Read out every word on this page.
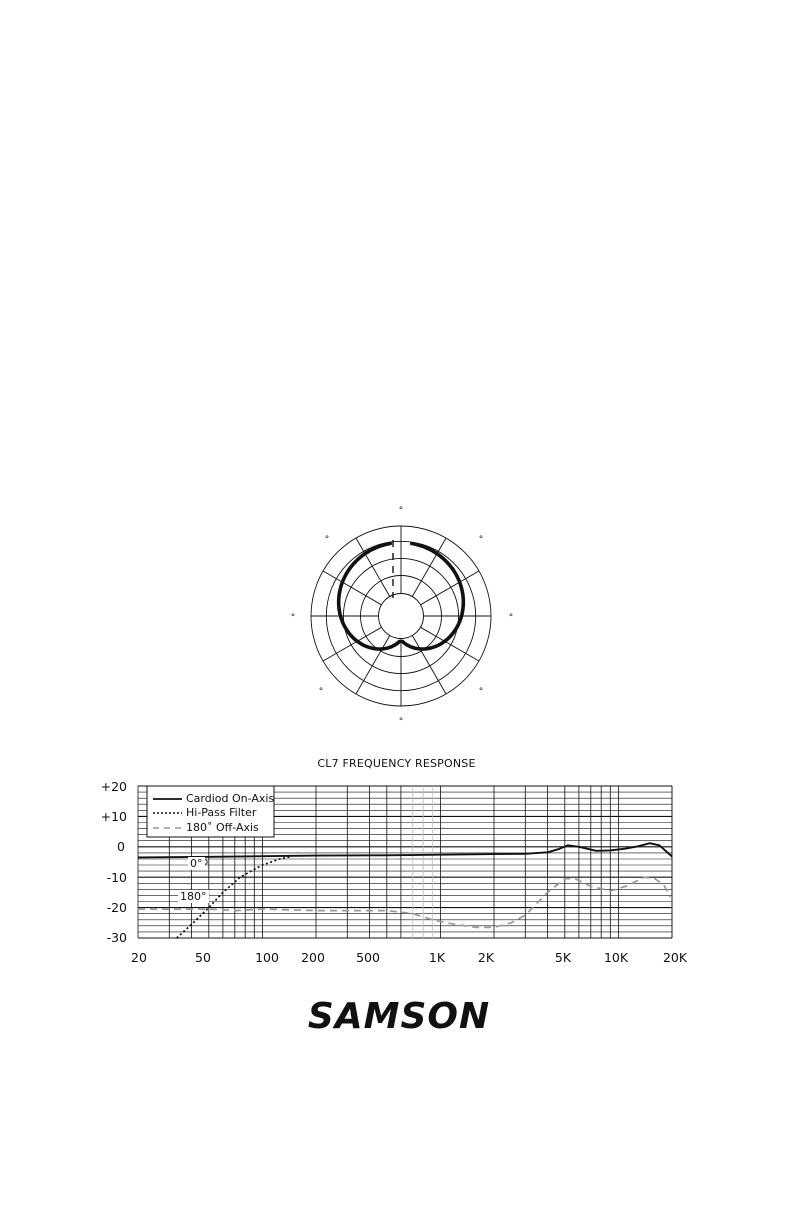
°
°
°
°
°
°
°
°
CL7 FREQUENCY RESPONSE
Cardiod On-Axis
Hi-Pass Filter
180˚ Off-Axis
0°
180°
+20
+10
0
-10
-20
-30
20	50	100	200	500	1K	2K	5K	10K	20K
SAMSON
